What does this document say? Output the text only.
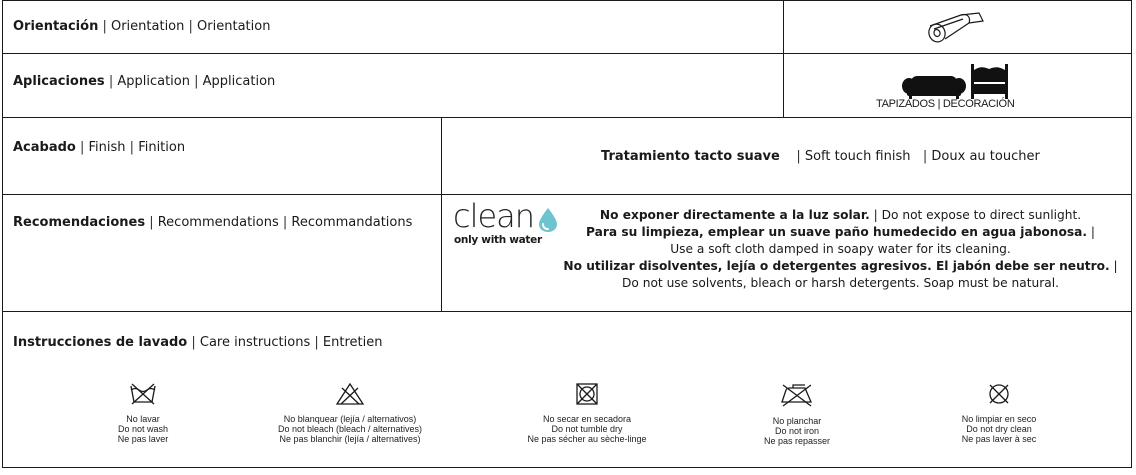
Orientación | Orientation | Orientation
Aplicaciones | Application | Application
TAPIZADOS | DECORACIÓN
Acabado | Finish | Finition
Tratamiento tacto suave    | Soft touch finish   | Doux au toucher
Recomendaciones | Recommendations | Recommandations clean
only with water
No exponer directamente a la luz solar. | Do not expose to direct sunlight.
Para su limpieza, emplear un suave paño humedecido en agua jabonosa. |
Use a soft cloth damped in soapy water for its cleaning.
No utilizar disolventes, lejía o detergentes agresivos. El jabón debe ser neutro. |
Do not use solvents, bleach or harsh detergents. Soap must be natural.
Instrucciones de lavado | Care instructions | Entretien
No lavar
Do not wash
Ne pas laver
No blanquear (lejía / alternativos)
Do not bleach (bleach / alternatives)
Ne pas blanchir (lejía / alternatives)
No secar en secadora
Do not tumble dry
Ne pas sécher au sèche-linge
No planchar
Do not iron
Ne pas repasser
No limpiar en seco
Do not dry clean
Ne pas laver à sec
